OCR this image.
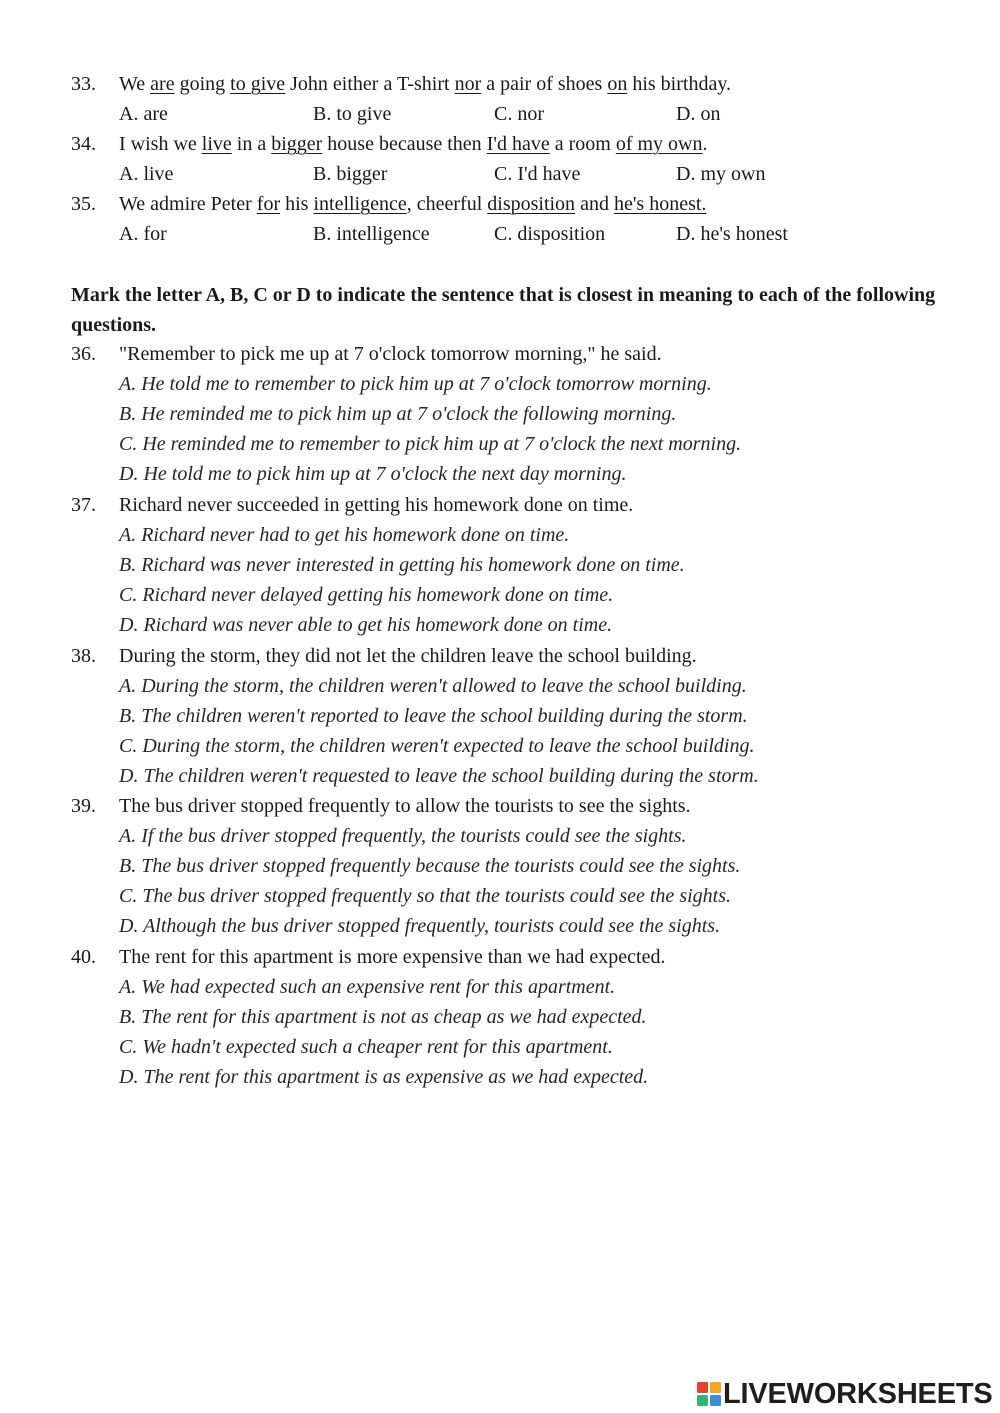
33.	We are going to give John either a T-shirt nor a pair of shoes on his birthday.
A. are	B. to give	C. nor	D. on
34.	I wish we live in a bigger house because then I'd have a room of my own.
A. live	B. bigger	C. I'd have	D. my own
35.	We admire Peter for his intelligence, cheerful disposition and he's honest.
A. for	B. intelligence	C. disposition	D. he's honest
Mark the letter A, B, C or D to indicate the sentence that is closest in meaning to each of the following questions.
36.	"Remember to pick me up at 7 o'clock tomorrow morning," he said.
A. He told me to remember to pick him up at 7 o'clock tomorrow morning.
B. He reminded me to pick him up at 7 o'clock the following morning.
C. He reminded me to remember to pick him up at 7 o'clock the next morning.
D. He told me to pick him up at 7 o'clock the next day morning.
37.	Richard never succeeded in getting his homework done on time.
A. Richard never had to get his homework done on time.
B. Richard was never interested in getting his homework done on time.
C. Richard never delayed getting his homework done on time.
D. Richard was never able to get his homework done on time.
38.	During the storm, they did not let the children leave the school building.
A. During the storm, the children weren't allowed to leave the school building.
B. The children weren't reported to leave the school building during the storm.
C. During the storm, the children weren't expected to leave the school building.
D. The children weren't requested to leave the school building during the storm.
39.	The bus driver stopped frequently to allow the tourists to see the sights.
A. If the bus driver stopped frequently, the tourists could see the sights.
B. The bus driver stopped frequently because the tourists could see the sights.
C. The bus driver stopped frequently so that the tourists could see the sights.
D. Although the bus driver stopped frequently, tourists could see the sights.
40.	The rent for this apartment is more expensive than we had expected.
A. We had expected such an expensive rent for this apartment.
B. The rent for this apartment is not as cheap as we had expected.
C. We hadn't expected such a cheaper rent for this apartment.
D. The rent for this apartment is as expensive as we had expected.
LIVEWORKSHEETS
